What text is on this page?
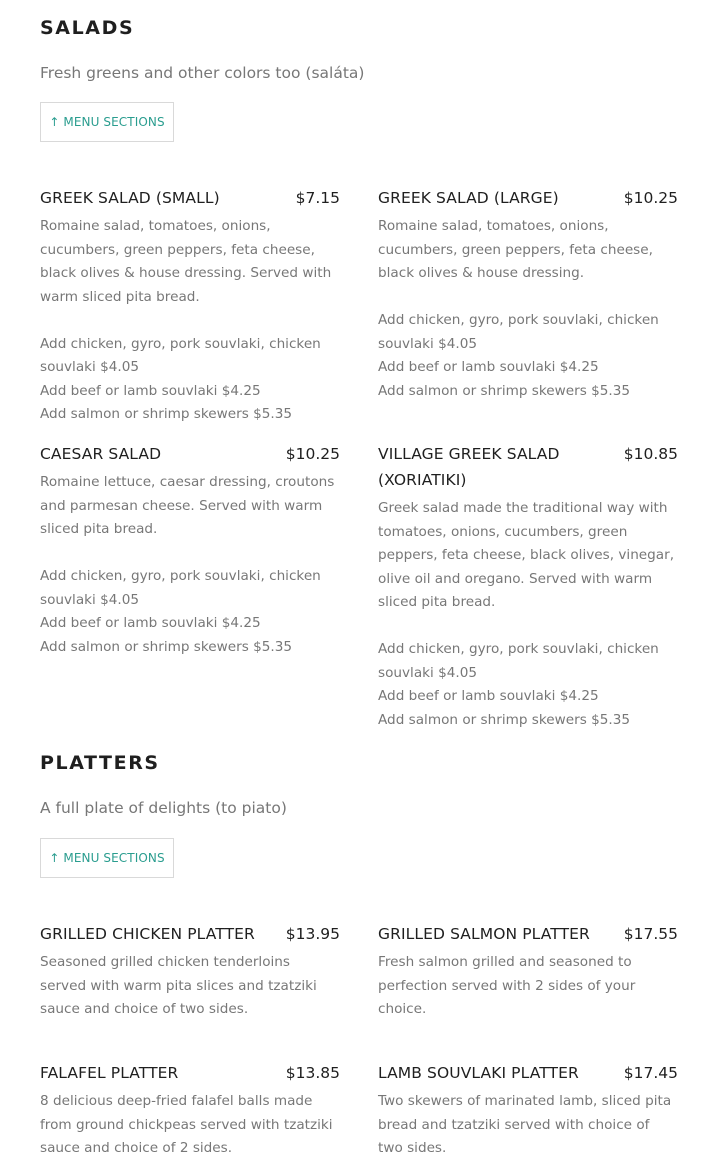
SALADS

Fresh greens and other colors too (saláta)

↑ MENU SECTIONS
GREEK SALAD (SMALL)	$7.15

Romaine salad, tomatoes, onions, cucumbers, green peppers, feta cheese, black olives & house dressing. Served with warm sliced pita bread.

Add chicken, gyro, pork souvlaki, chicken souvlaki $4.05

Add beef or lamb souvlaki $4.25

Add salmon or shrimp skewers $5.35

GREEK SALAD (LARGE)	$10.25

Romaine salad, tomatoes, onions, cucumbers, green peppers, feta cheese, black olives & house dressing.

Add chicken, gyro, pork souvlaki, chicken souvlaki $4.05

Add beef or lamb souvlaki $4.25

Add salmon or shrimp skewers $5.35

CAESAR SALAD	$10.25

Romaine lettuce, caesar dressing, croutons and parmesan cheese. Served with warm sliced pita bread.

Add chicken, gyro, pork souvlaki, chicken souvlaki $4.05

Add beef or lamb souvlaki $4.25

Add salmon or shrimp skewers $5.35

VILLAGE GREEK SALAD (XORIATIKI)
$10.85

Greek salad made the traditional way with tomatoes, onions, cucumbers, green peppers, feta cheese, black olives, vinegar, olive oil and oregano. Served with warm sliced pita bread.

Add chicken, gyro, pork souvlaki, chicken souvlaki $4.05

Add beef or lamb souvlaki $4.25

Add salmon or shrimp skewers $5.35

PLATTERS

A full plate of delights (to piato)

↑ MENU SECTIONS
GRILLED CHICKEN PLATTER $13.95

Seasoned grilled chicken tenderloins served with warm pita slices and tzatziki sauce and choice of two sides.

GRILLED SALMON PLATTER $17.55

Fresh salmon grilled and seasoned to perfection served with 2 sides of your choice.

FALAFEL PLATTER	$13.85

8 delicious deep-fried falafel balls made from ground chickpeas served with tzatziki sauce and choice of 2 sides.

LAMB SOUVLAKI PLATTER	$17.45

Two skewers of marinated lamb, sliced pita bread and tzatziki served with choice of two sides.
